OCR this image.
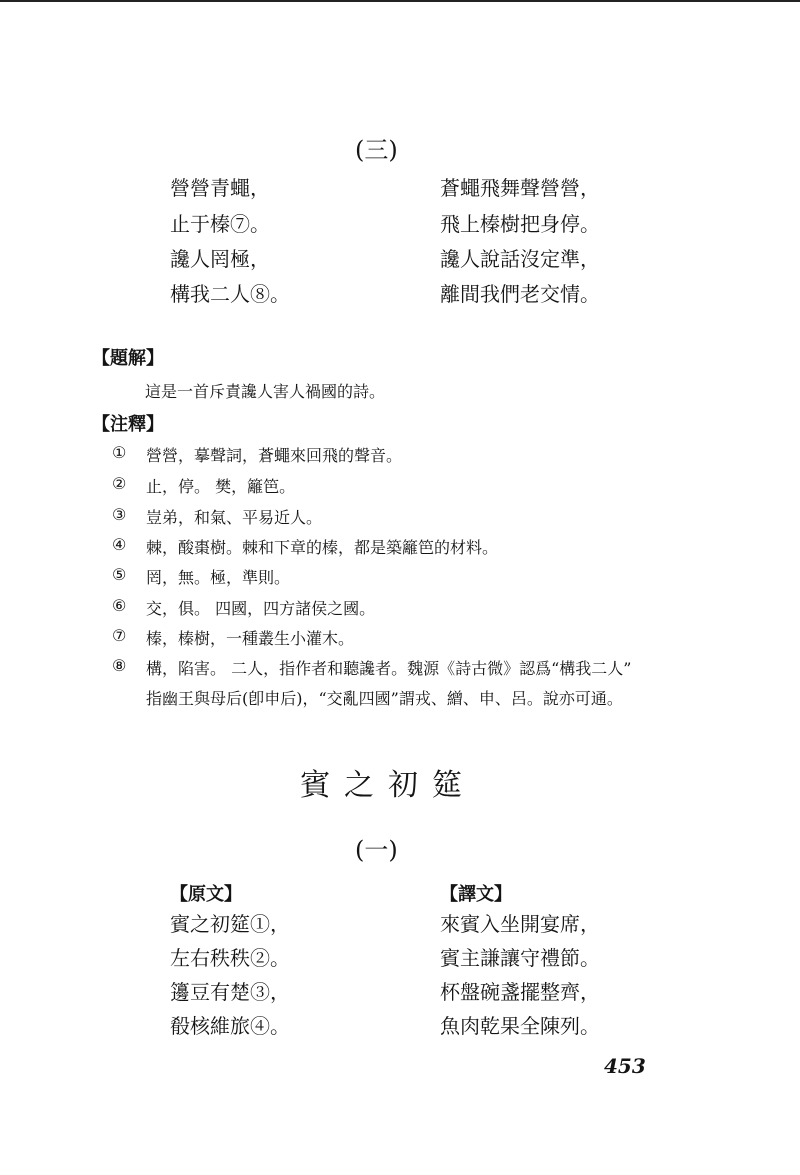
(三)
營營青蠅，
止于榛⑦。
讒人罔極，
構我二人⑧。
蒼蠅飛舞聲營營，
飛上榛樹把身停。
讒人說話沒定準，
離間我們老交情。
【題解】
這是一首斥責讒人害人禍國的詩。
【注釋】
① 營營，摹聲詞，蒼蠅來回飛的聲音。
② 止，停。 樊，籬笆。
③ 豈弟，和氣、平易近人。
④ 棘，酸棗樹。棘和下章的榛，都是築籬笆的材料。
⑤ 罔，無。極，準則。
⑥ 交，俱。 四國，四方諸侯之國。
⑦ 榛，榛樹，一種叢生小灌木。
⑧ 構，陷害。 二人，指作者和聽讒者。魏源《詩古微》認爲“構我二人”
指幽王與母后(卽申后)，“交亂四國”謂戎、繒、申、呂。說亦可通。
賓之初筵
(一)
【原文】	【譯文】
賓之初筵①，
左右秩秩②。
籩豆有楚③，
殽核維旅④。
來賓入坐開宴席，
賓主謙讓守禮節。
杯盤碗盞擺整齊，
魚肉乾果全陳列。
453
